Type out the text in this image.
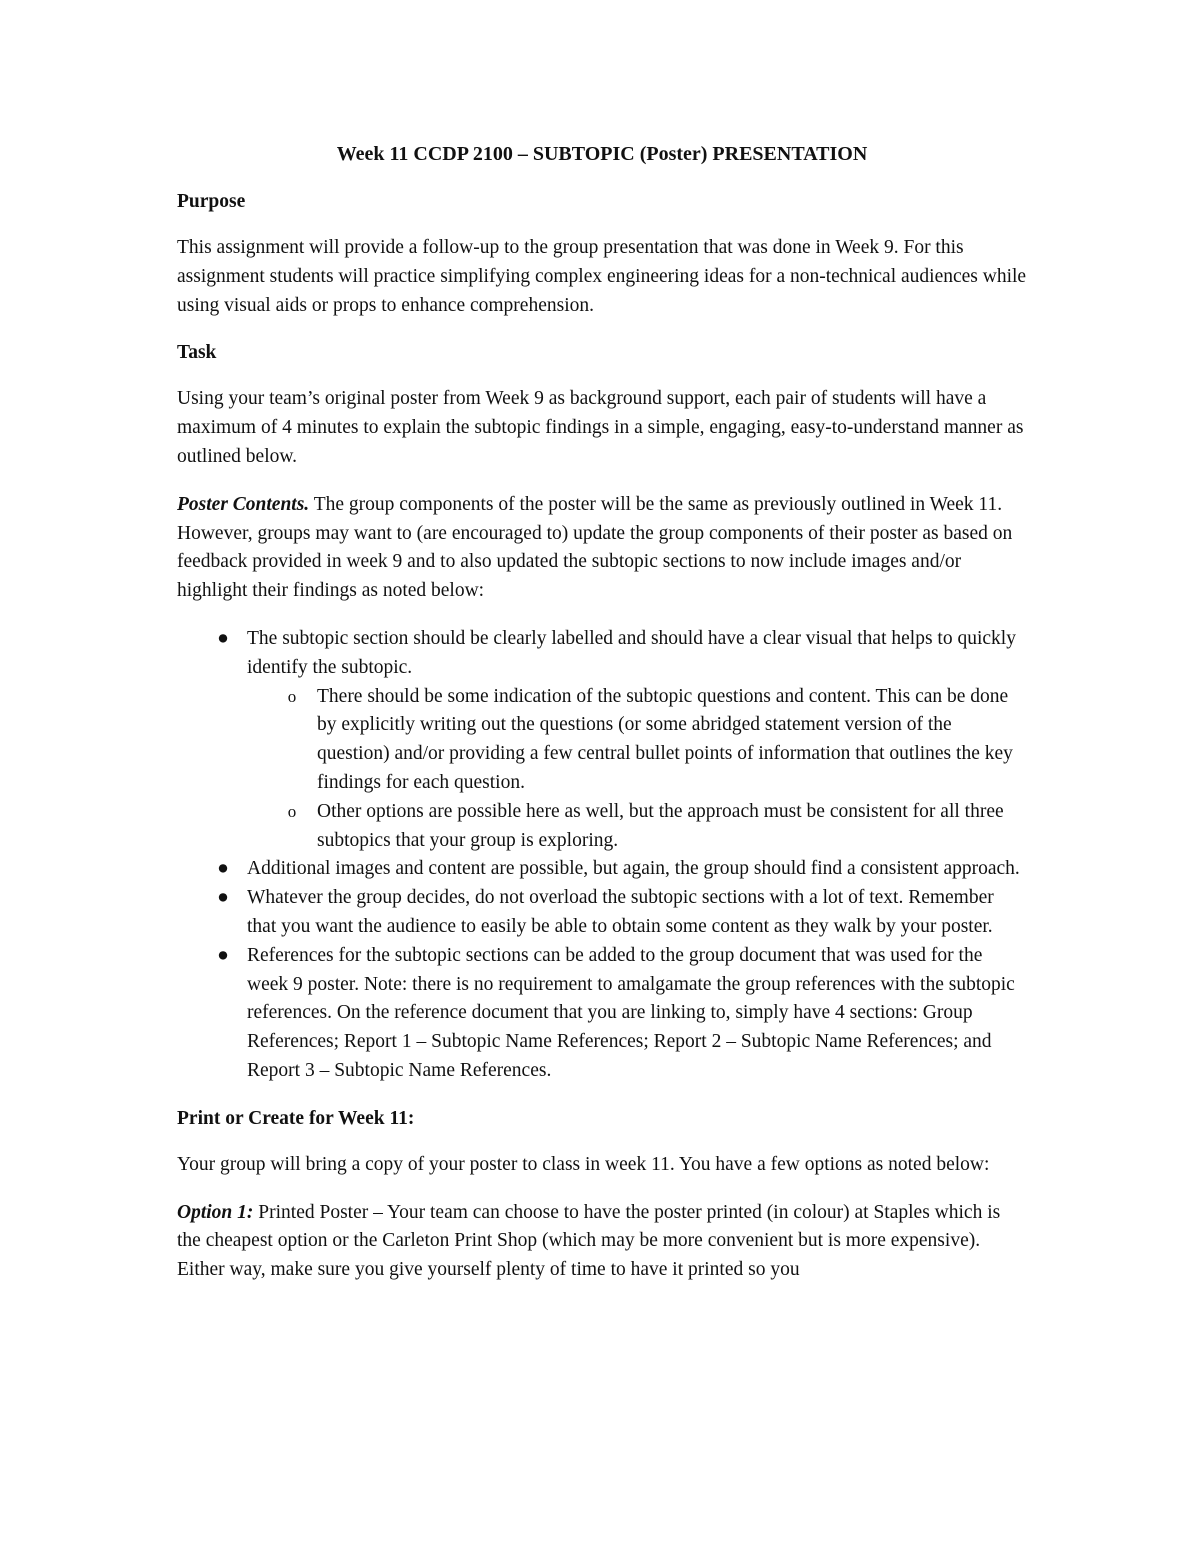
Week 11 CCDP 2100 – SUBTOPIC (Poster) PRESENTATION
Purpose

This assignment will provide a follow-up to the group presentation that was done in Week 9. For this assignment students will practice simplifying complex engineering ideas for a non-technical audiences while using visual aids or props to enhance comprehension.

Task

Using your team’s original poster from Week 9 as background support, each pair of students will have a maximum of 4 minutes to explain the subtopic findings in a simple, engaging, easy-to-understand manner as outlined below.

Poster Contents. The group components of the poster will be the same as previously outlined in Week 11. However, groups may want to (are encouraged to) update the group components of their poster as based on feedback provided in week 9 and to also updated the subtopic sections to now include images and/or highlight their findings as noted below:

● The subtopic section should be clearly labelled and should have a clear visual that helps to quickly identify the subtopic.
o There should be some indication of the subtopic questions and content. This can be done by explicitly writing out the questions (or some abridged statement version of the question) and/or providing a few central bullet points of information that outlines the key findings for each question.
o Other options are possible here as well, but the approach must be consistent for all three subtopics that your group is exploring.
● Additional images and content are possible, but again, the group should find a consistent approach.
● Whatever the group decides, do not overload the subtopic sections with a lot of text. Remember that you want the audience to easily be able to obtain some content as they walk by your poster.
● References for the subtopic sections can be added to the group document that was used for the week 9 poster. Note: there is no requirement to amalgamate the group references with the subtopic references. On the reference document that you are linking to, simply have 4 sections: Group References; Report 1 – Subtopic Name References; Report 2 – Subtopic Name References; and Report 3 – Subtopic Name References.
Print or Create for Week 11:

Your group will bring a copy of your poster to class in week 11. You have a few options as noted below:

Option 1: Printed Poster – Your team can choose to have the poster printed (in colour) at Staples which is the cheapest option or the Carleton Print Shop (which may be more convenient but is more expensive). Either way, make sure you give yourself plenty of time to have it printed so you
